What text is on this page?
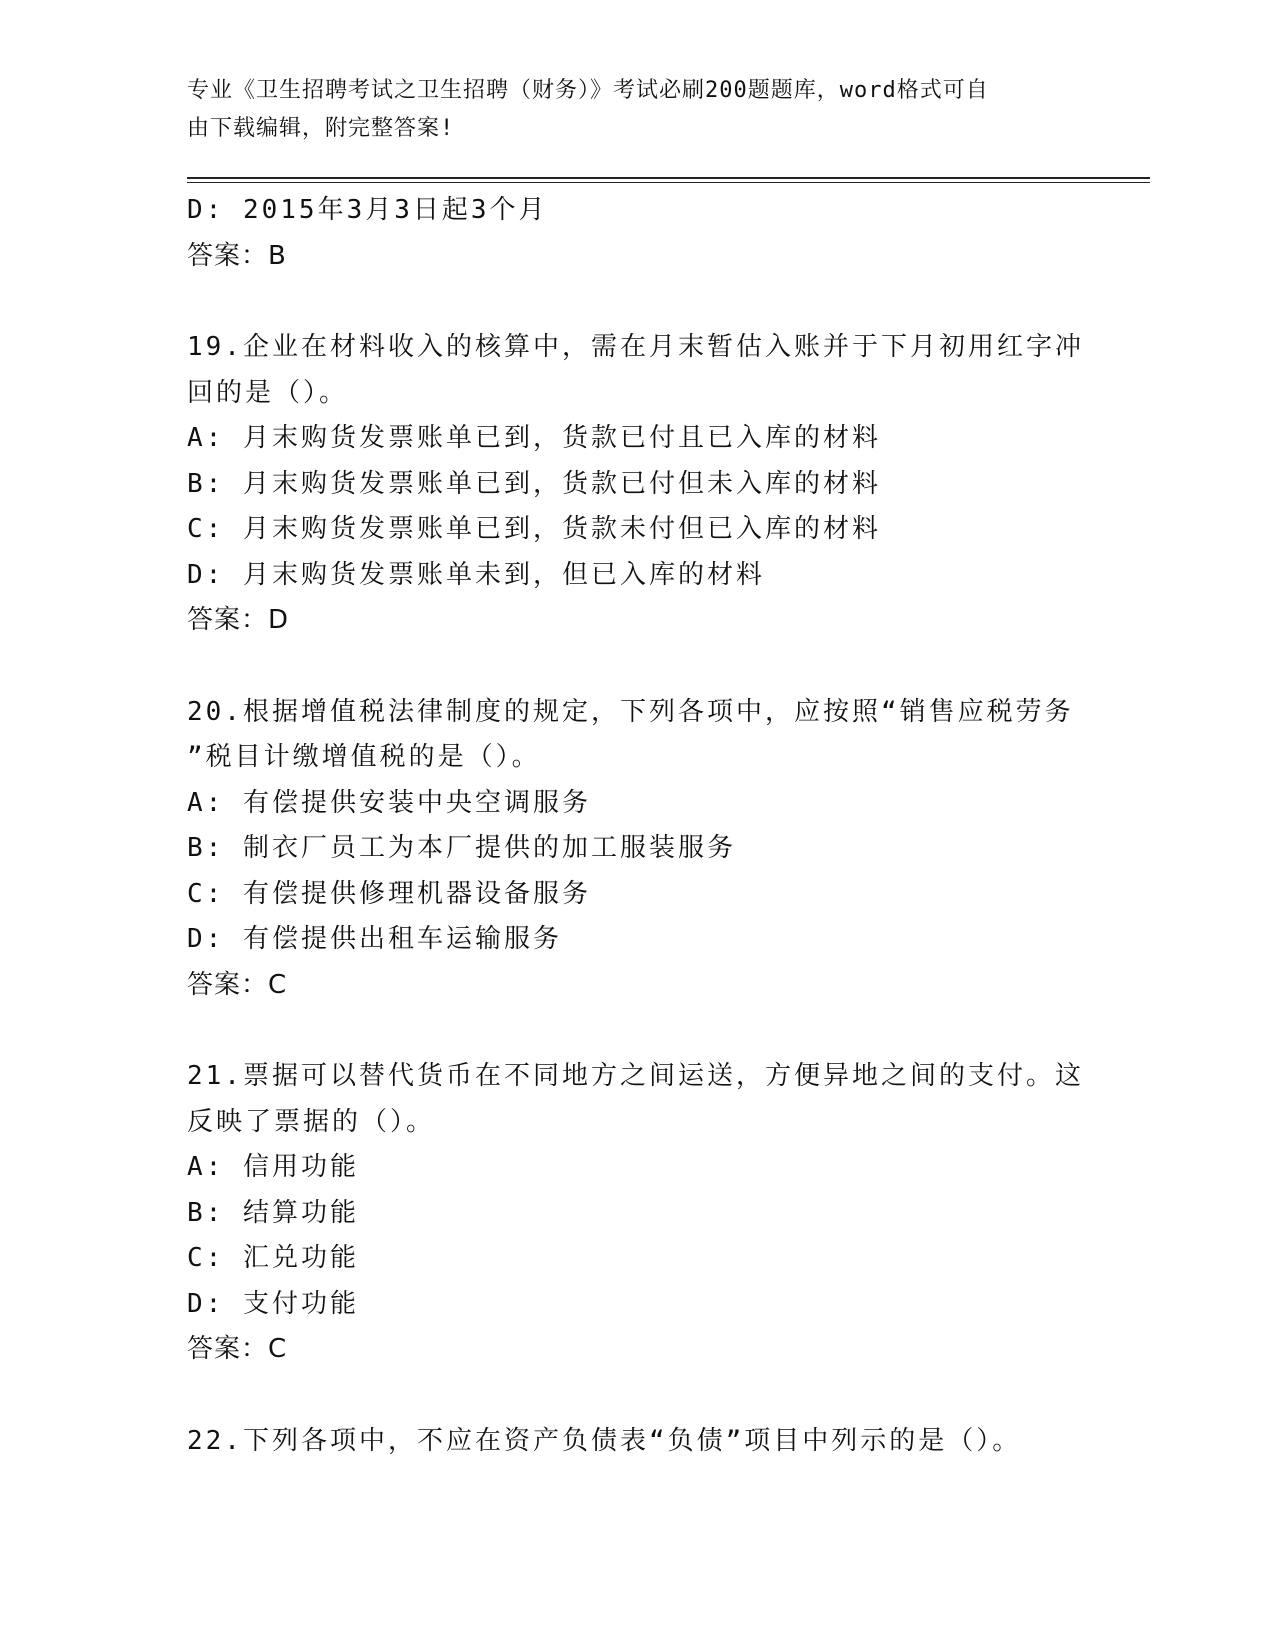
专业《卫生招聘考试之卫生招聘（财务）》考试必刷200题题库，word格式可自
由下载编辑，附完整答案!
D: 2015年3月3日起3个月
答案：B
19.企业在材料收入的核算中，需在月末暂估入账并于下月初用红字冲
回的是（）。
A: 月末购货发票账单已到，货款已付且已入库的材料
B: 月末购货发票账单已到，货款已付但未入库的材料
C: 月末购货发票账单已到，货款未付但已入库的材料
D: 月末购货发票账单未到，但已入库的材料
答案：D
20.根据增值税法律制度的规定，下列各项中，应按照“销售应税劳务
”税目计缴增值税的是（）。
A: 有偿提供安装中央空调服务
B: 制衣厂员工为本厂提供的加工服装服务
C: 有偿提供修理机器设备服务
D: 有偿提供出租车运输服务
答案：C
21.票据可以替代货币在不同地方之间运送，方便异地之间的支付。这
反映了票据的（）。
A: 信用功能
B: 结算功能
C: 汇兑功能
D: 支付功能
答案：C
22.下列各项中，不应在资产负债表“负债”项目中列示的是（）。
